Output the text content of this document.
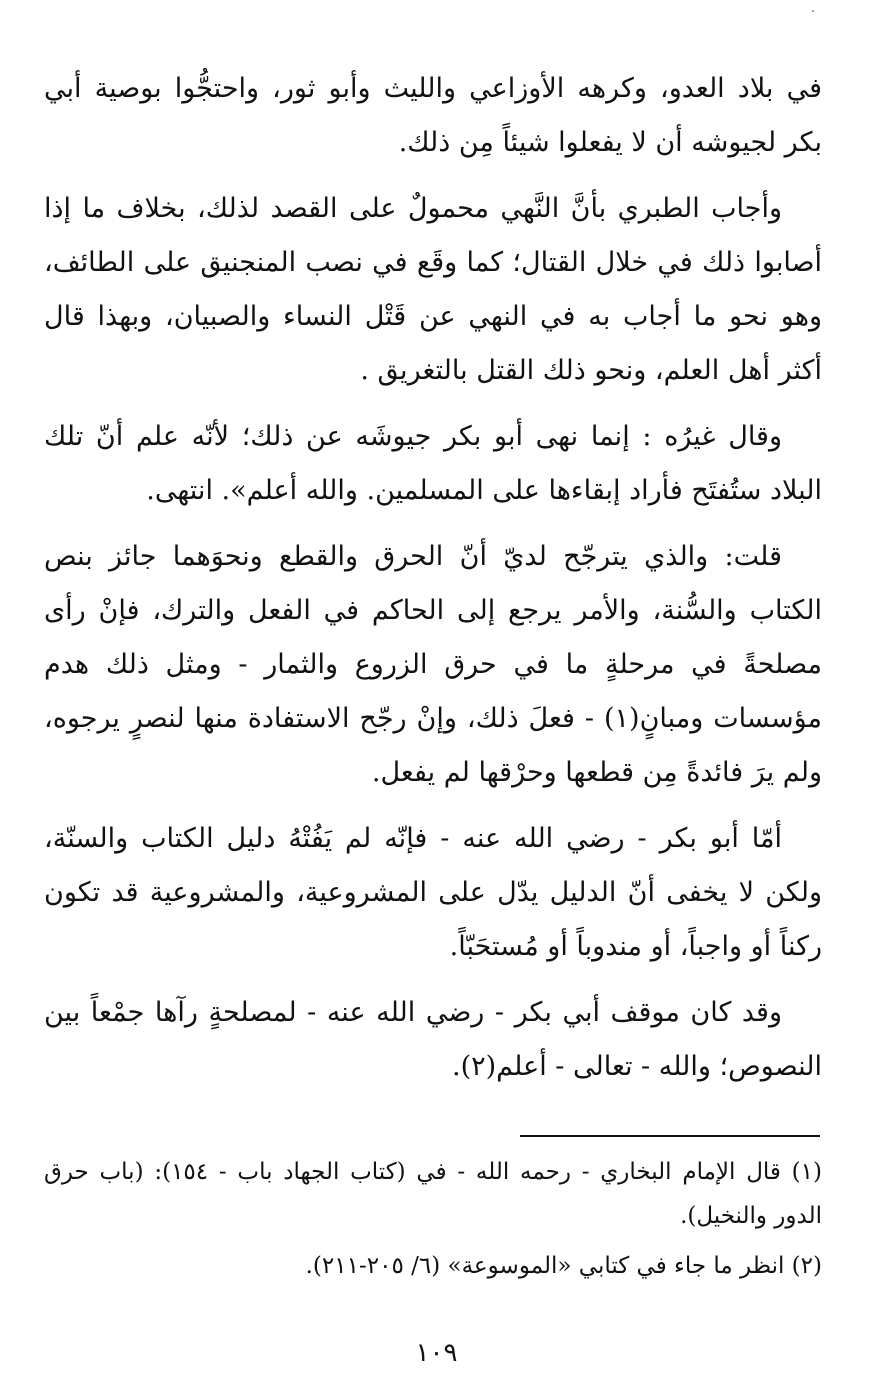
في بلاد العدو، وكرهه الأوزاعي والليث وأبو ثور، واحتجُّوا بوصية أبي بكر لجيوشه أن لا يفعلوا شيئاً مِن ذلك.

وأجاب الطبري بأنَّ النَّهي محمولٌ على القصد لذلك، بخلاف ما إذا أصابوا ذلك في خلال القتال؛ كما وقَع في نصب المنجنيق على الطائف، وهو نحو ما أجاب به في النهي عن قَتْل النساء والصبيان، وبهذا قال أكثر أهل العلم، ونحو ذلك القتل بالتغريق .

وقال غيرُه : إنما نهى أبو بكر جيوشَه عن ذلك؛ لأنّه علم أنّ تلك البلاد ستُفتَح فأراد إبقاءها على المسلمين. والله أعلم». انتهى.

قلت: والذي يترجّح لديّ أنّ الحرق والقطع ونحوَهما جائز بنص الكتاب والسُّنة، والأمر يرجع إلى الحاكم في الفعل والترك، فإنْ رأى مصلحةً في مرحلةٍ ما في حرق الزروع والثمار - ومثل ذلك هدم مؤسسات ومبانٍ(١) - فعلَ ذلك، وإنْ رجّح الاستفادة منها لنصرٍ يرجوه، ولم يرَ فائدةً مِن قطعها وحرْقها لم يفعل.

أمّا أبو بكر - رضي الله عنه - فإنّه لم يَفُتْهُ دليل الكتاب والسنّة، ولكن لا يخفى أنّ الدليل يدّل على المشروعية، والمشروعية قد تكون ركناً أو واجباً، أو مندوباً أو مُستحَبّاً.

وقد كان موقف أبي بكر - رضي الله عنه - لمصلحةٍ رآها جمْعاً بين النصوص؛ والله - تعالى - أعلم(٢).

(١) قال الإمام البخاري - رحمه الله - في (كتاب الجهاد باب - ١٥٤): (باب حرق الدور والنخيل).

(٢) انظر ما جاء في كتابي «الموسوعة» (٦/ ٢٠٥-٢١١).

١٠٩
